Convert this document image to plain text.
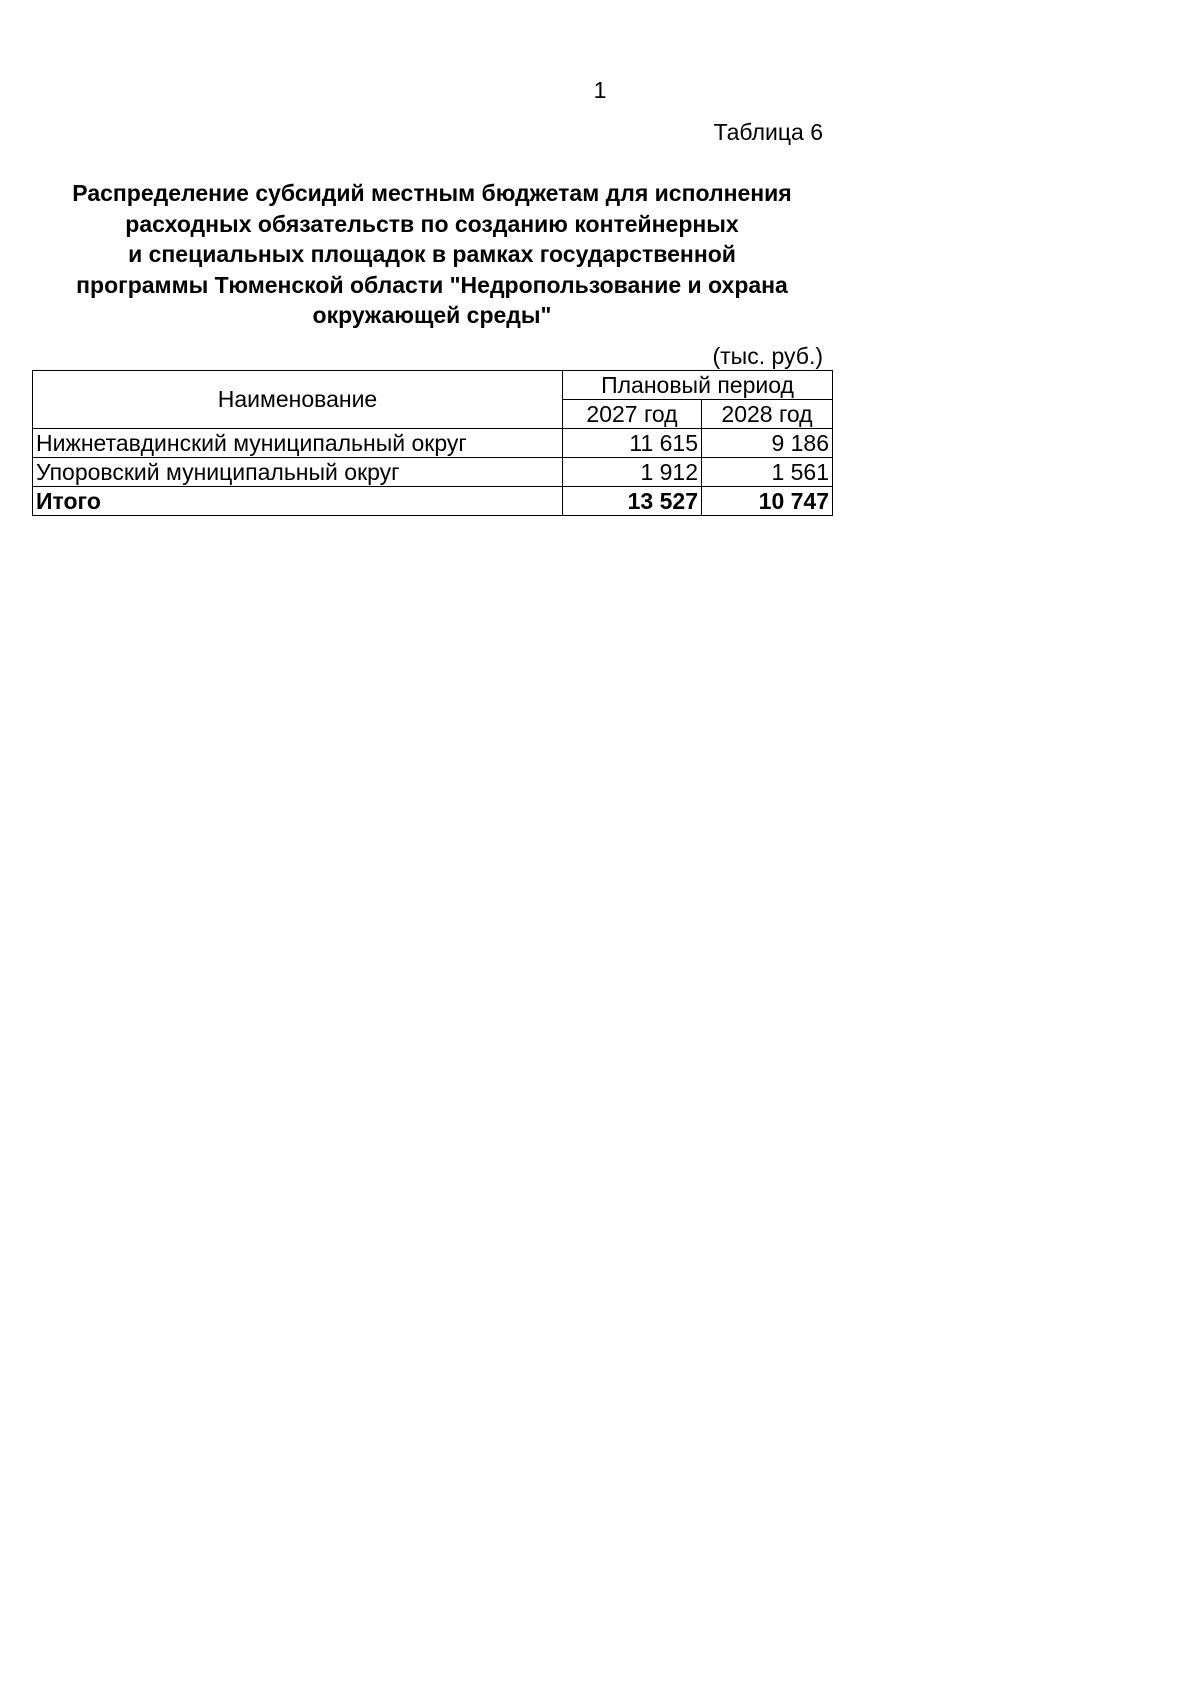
1
Таблица 6
Распределение субсидий местным бюджетам для исполнения
расходных обязательств по созданию контейнерных
и специальных площадок в рамках государственной
программы Тюменской области "Недропользование и охрана
окружающей среды"
(тыс. руб.)
Наименование	Плановый период	
	2027 год	2028 год
Нижнетавдинский муниципальный округ	11 615	9 186
Упоровский муниципальный округ	1 912	1 561
Итого	13 527	10 747
